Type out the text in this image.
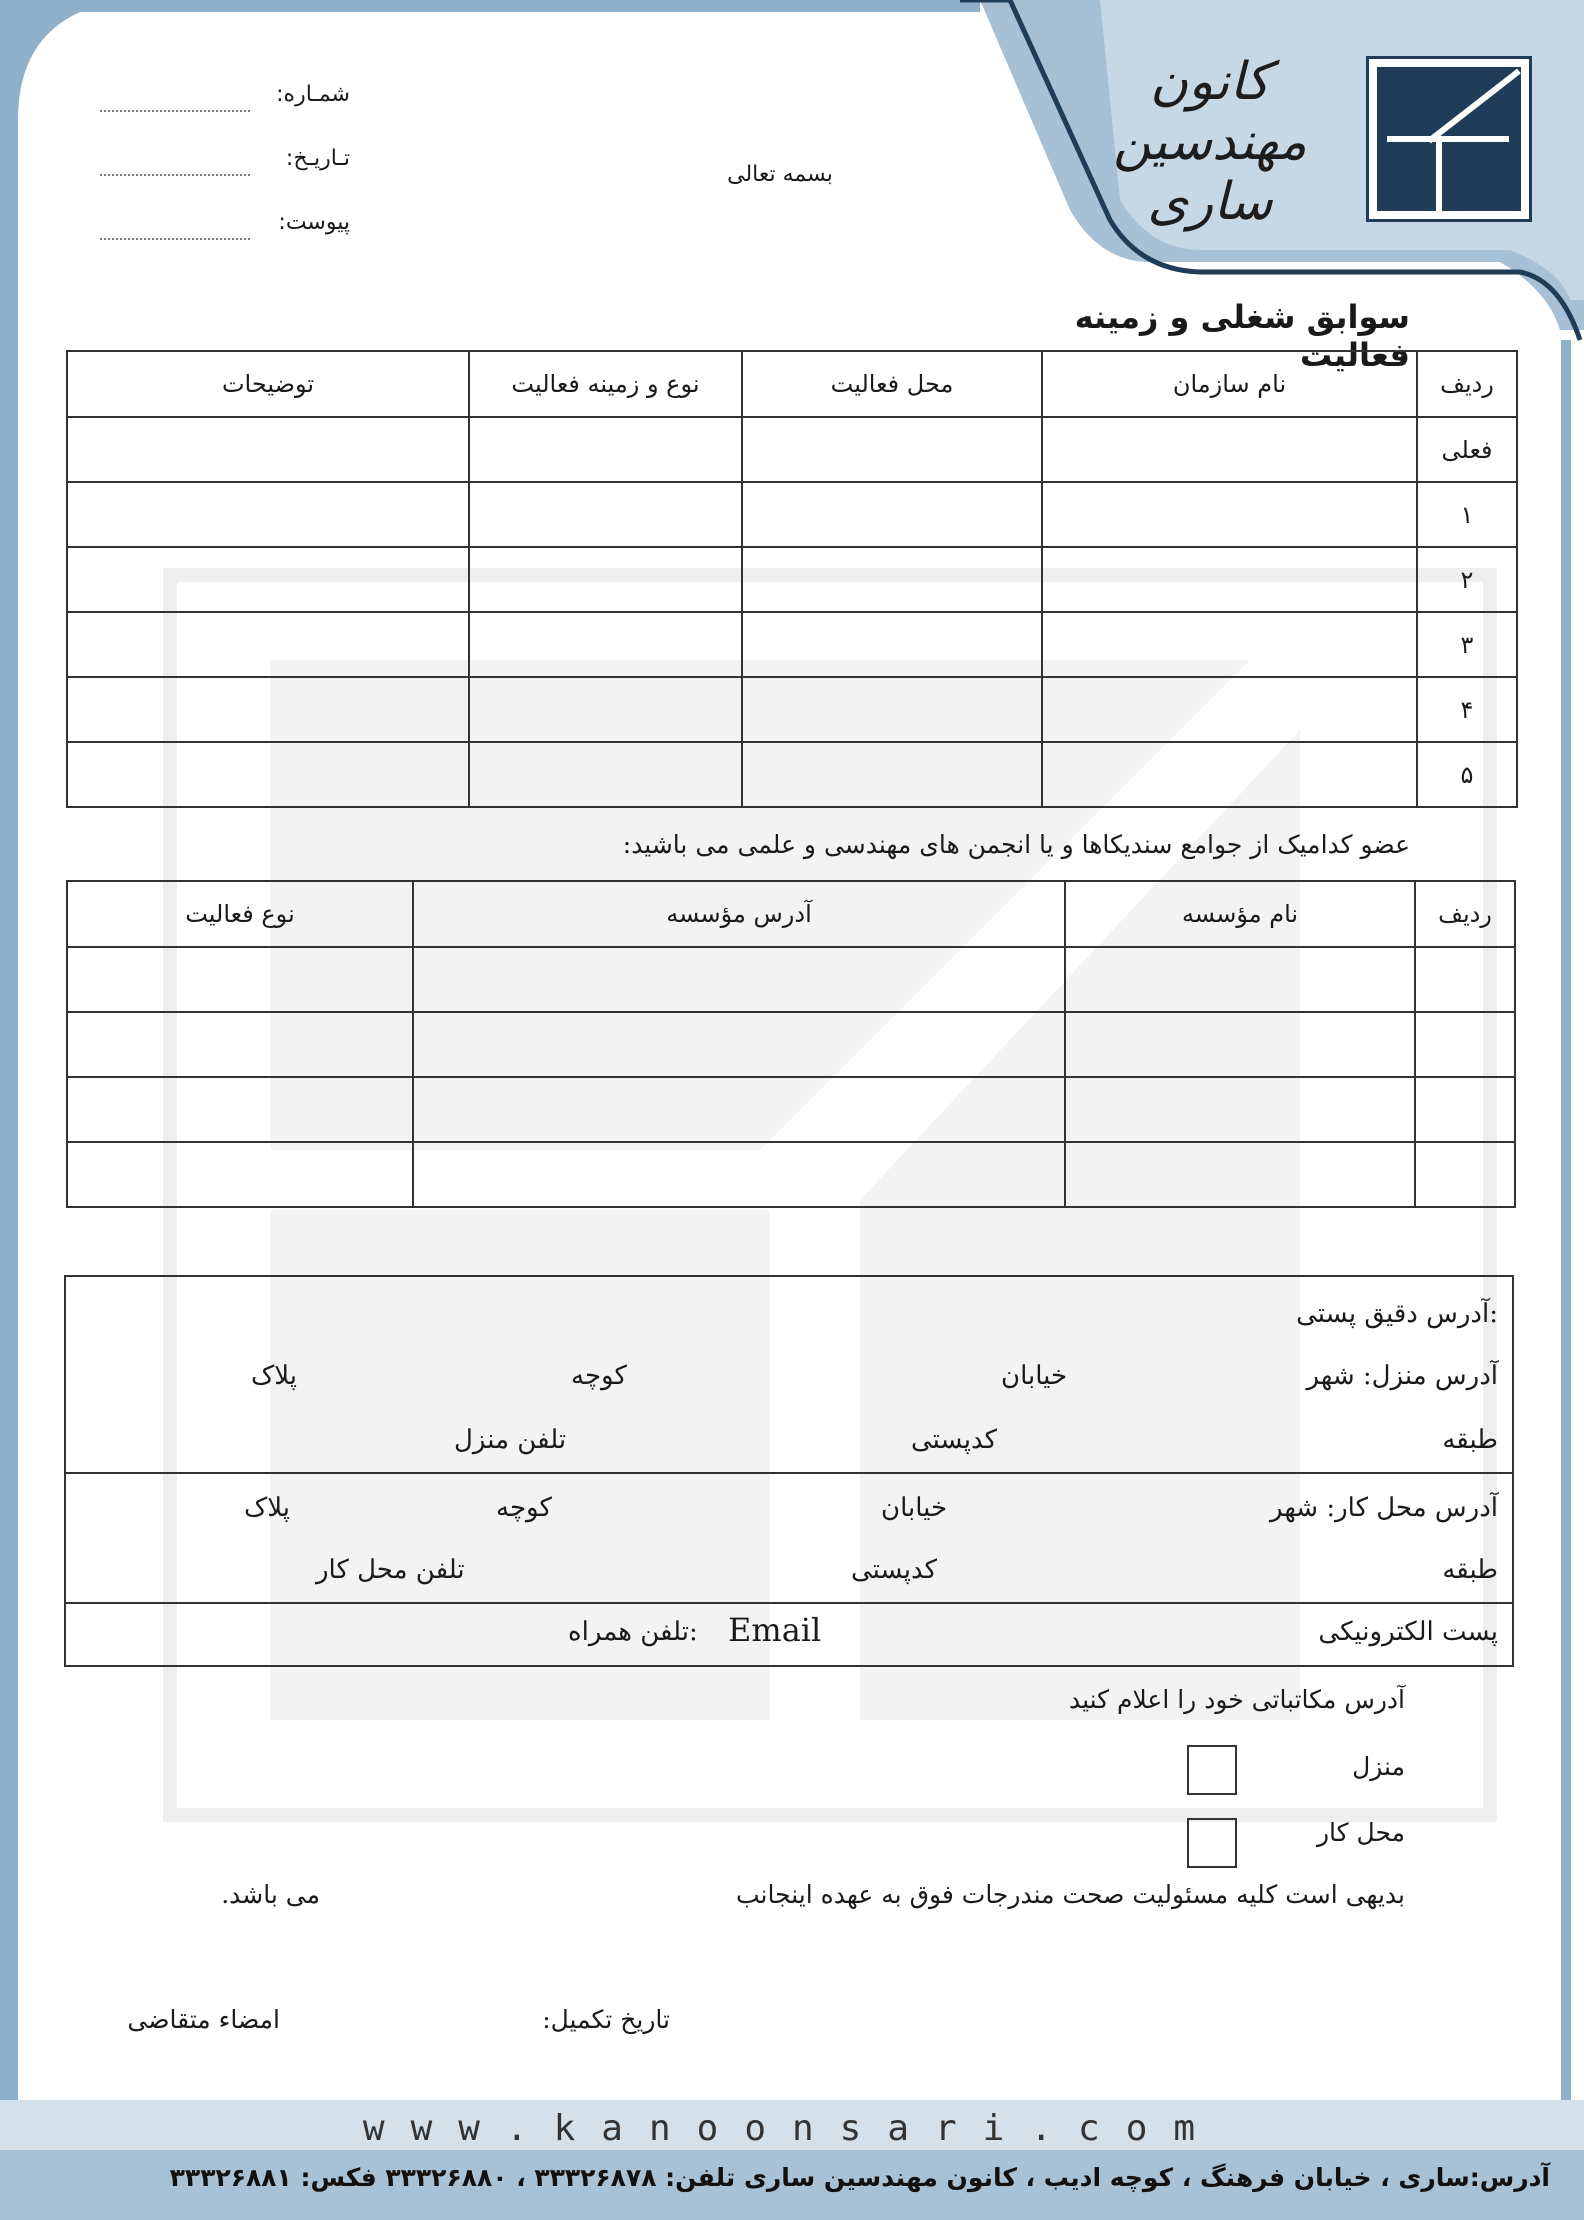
کانون مهندسین ساری
شمـاره:
تـاریـخ:
پیوست:
بسمه تعالی
سوابق شغلی و زمینه فعالیت
ردیف	نام سازمان	محل فعالیت	نوع و زمینه فعالیت	توضیحات
فعلی				
۱				
۲				
۳				
۴				
۵				
عضو کدامیک از جوامع سندیکاها و یا انجمن های مهندسی و علمی می باشید:
ردیف	نام مؤسسه	آدرس مؤسسه	نوع فعالیت

آدرس دقیق پستی:
آدرس منزل: شهر
خیابان
کوچه
پلاک
طبقه
کدپستی
تلفن منزل
آدرس محل کار: شهر
خیابان
کوچه
پلاک
طبقه
کدپستی
تلفن محل کار
پست الکترونیکی
Email
تلفن همراه:
آدرس مکاتباتی خود را اعلام کنید
منزل
محل کار
بدیهی است کلیه مسئولیت صحت مندرجات فوق به عهده اینجانب
می باشد.
تاریخ تکمیل:
امضاء متقاضی
www.kanoonsari.com
آدرس:ساری ، خیابان فرهنگ ، کوچه ادیب ، کانون مهندسین ساری تلفن: ۳۳۳۲۶۸۷۸ ، ۳۳۳۲۶۸۸۰ فکس: ۳۳۳۲۶۸۸۱
